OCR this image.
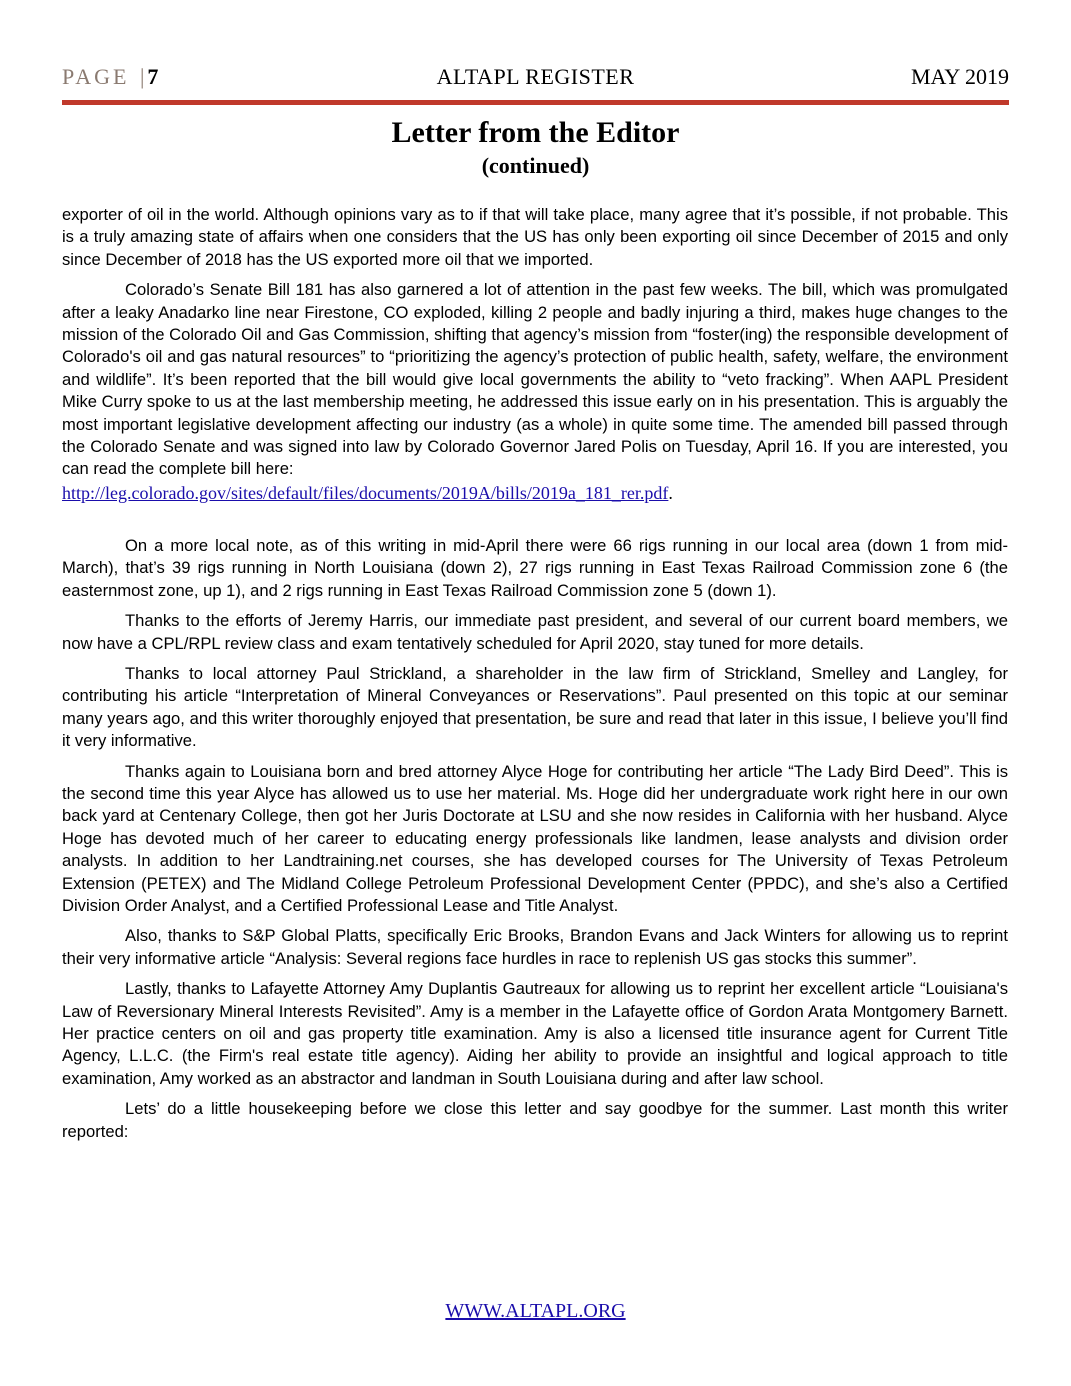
PAGE |7	ALTAPL REGISTER	MAY 2019
Letter from the Editor
(continued)

exporter of oil in the world. Although opinions vary as to if that will take place, many agree that it’s possible, if not probable. This is a truly amazing state of affairs when one considers that the US has only been exporting oil since December of 2015 and only since December of 2018 has the US exported more oil that we imported.

Colorado’s Senate Bill 181 has also garnered a lot of attention in the past few weeks. The bill, which was promulgated after a leaky Anadarko line near Firestone, CO exploded, killing 2 people and badly injuring a third, makes huge changes to the mission of the Colorado Oil and Gas Commission, shifting that agency’s mission from “foster(ing) the responsible development of Colorado's oil and gas natural resources” to “prioritizing the agency’s protection of public health, safety, welfare, the environment and wildlife”. It’s been reported that the bill would give local governments the ability to “veto fracking”. When AAPL President Mike Curry spoke to us at the last membership meeting, he addressed this issue early on in his presentation. This is arguably the most important legislative development affecting our industry (as a whole) in quite some time. The amended bill passed through the Colorado Senate and was signed into law by Colorado Governor Jared Polis on Tuesday, April 16. If you are interested, you can read the complete bill here:

http://leg.colorado.gov/sites/default/files/documents/2019A/bills/2019a_181_rer.pdf.

On a more local note, as of this writing in mid-April there were 66 rigs running in our local area (down 1 from mid-March), that’s 39 rigs running in North Louisiana (down 2), 27 rigs running in East Texas Railroad Commission zone 6 (the easternmost zone, up 1), and 2 rigs running in East Texas Railroad Commission zone 5 (down 1).

Thanks to the efforts of Jeremy Harris, our immediate past president, and several of our current board members, we now have a CPL/RPL review class and exam tentatively scheduled for April 2020, stay tuned for more details.

Thanks to local attorney Paul Strickland, a shareholder in the law firm of Strickland, Smelley and Langley, for contributing his article “Interpretation of Mineral Conveyances or Reservations”. Paul presented on this topic at our seminar many years ago, and this writer thoroughly enjoyed that presentation, be sure and read that later in this issue, I believe you’ll find it very informative.

Thanks again to Louisiana born and bred attorney Alyce Hoge for contributing her article “The Lady Bird Deed”. This is the second time this year Alyce has allowed us to use her material. Ms. Hoge did her undergraduate work right here in our own back yard at Centenary College, then got her Juris Doctorate at LSU and she now resides in California with her husband. Alyce Hoge has devoted much of her career to educating energy professionals like landmen, lease analysts and division order analysts. In addition to her Landtraining.net courses, she has developed courses for The University of Texas Petroleum Extension (PETEX) and The Midland College Petroleum Professional Development Center (PPDC), and she’s also a Certified Division Order Analyst, and a Certified Professional Lease and Title Analyst.

Also, thanks to S&P Global Platts, specifically Eric Brooks, Brandon Evans and Jack Winters for allowing us to reprint their very informative article “Analysis: Several regions face hurdles in race to replenish US gas stocks this summer”.

Lastly, thanks to Lafayette Attorney Amy Duplantis Gautreaux for allowing us to reprint her excellent article “Louisiana's Law of Reversionary Mineral Interests Revisited”. Amy is a member in the Lafayette office of Gordon Arata Montgomery Barnett. Her practice centers on oil and gas property title examination. Amy is also a licensed title insurance agent for Current Title Agency, L.L.C. (the Firm's real estate title agency). Aiding her ability to provide an insightful and logical approach to title examination, Amy worked as an abstractor and landman in South Louisiana during and after law school.

Lets’ do a little housekeeping before we close this letter and say goodbye for the summer. Last month this writer reported:

WWW.ALTAPL.ORG
